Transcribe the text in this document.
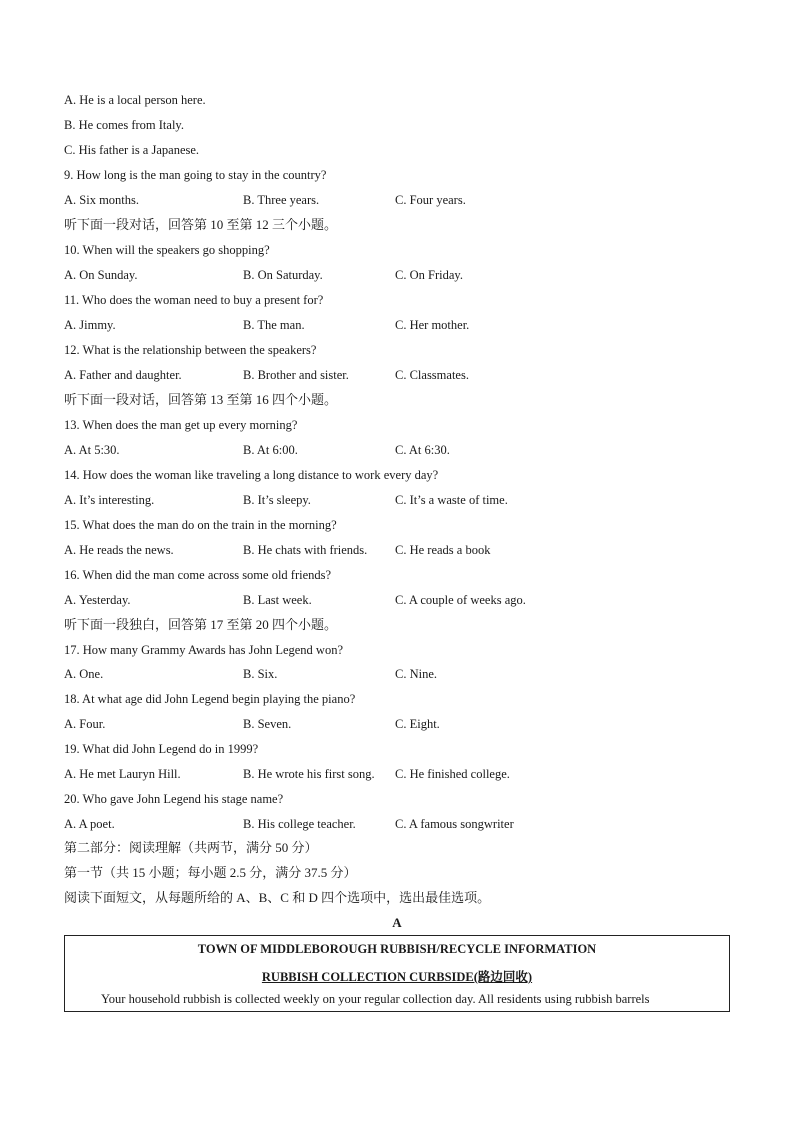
A. He is a local person here.
B. He comes from Italy.
C. His father is a Japanese.
9. How long is the man going to stay in the country?
A. Six months.	B. Three years.	C. Four years.
听下面一段对话，回答第 10 至第 12 三个小题。
10. When will the speakers go shopping?
A. On Sunday.	B. On Saturday.	C. On Friday.
11. Who does the woman need to buy a present for?
A. Jimmy.	B. The man.	C. Her mother.
12. What is the relationship between the speakers?
A. Father and daughter.	B. Brother and sister.	C. Classmates.
听下面一段对话，回答第 13 至第 16 四个小题。
13. When does the man get up every morning?
A. At 5:30.	B. At 6:00.	C. At 6:30.
14. How does the woman like traveling a long distance to work every day?
A. It’s interesting.	B. It’s sleepy.	C. It’s a waste of time.
15. What does the man do on the train in the morning?
A. He reads the news.	B. He chats with friends. C. He reads a book
16. When did the man come across some old friends?
A. Yesterday.	B. Last week.	C. A couple of weeks ago.
听下面一段独白，回答第 17 至第 20 四个小题。
17. How many Grammy Awards has John Legend won?
A. One.	B. Six.	C. Nine.
18. At what age did John Legend begin playing the piano?
A. Four.	B. Seven.	C. Eight.
19. What did John Legend do in 1999?
A. He met Lauryn Hill.	B. He wrote his first song. C. He finished college.
20. Who gave John Legend his stage name?
A. A poet.	B. His college teacher.	C. A famous songwriter
第二部分：阅读理解（共两节，满分 50 分）
第一节（共 15 小题；每小题 2.5 分，满分 37.5 分）
阅读下面短文，从每题所给的 A、B、C 和 D 四个选项中，选出最佳选项。
A
TOWN OF MIDDLEBOROUGH RUBBISH/RECYCLE INFORMATION
RUBBISH COLLECTION CURBSIDE(路边回收)
Your household rubbish is collected weekly on your regular collection day. All residents using rubbish barrels
